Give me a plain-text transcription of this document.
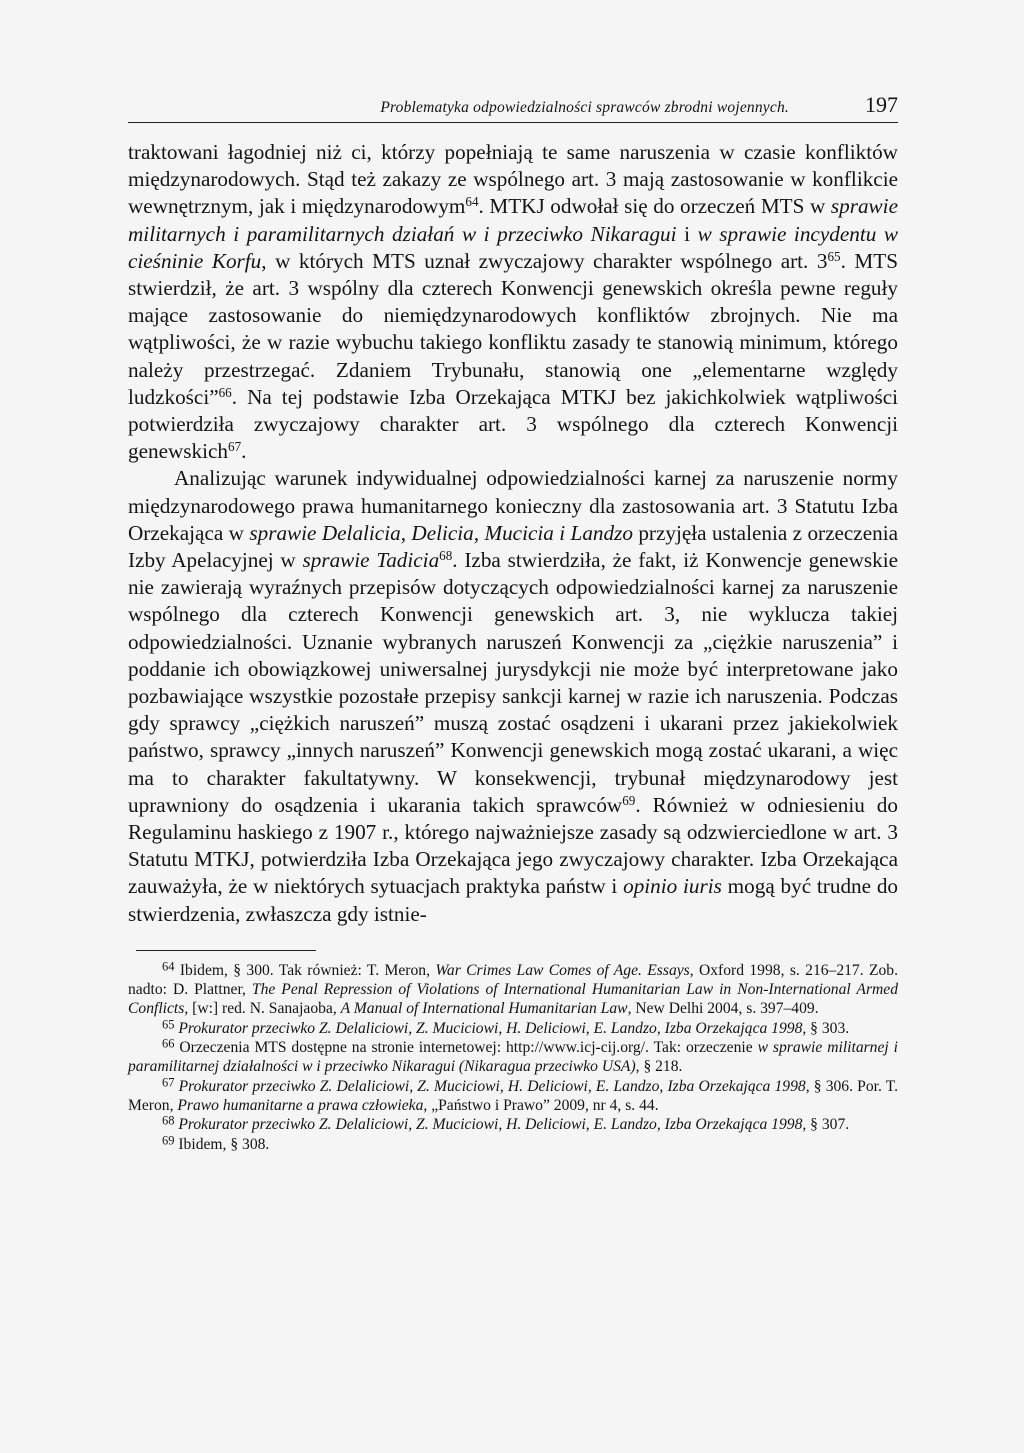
Problematyka odpowiedzialności sprawców zbrodni wojennych.	197

traktowani łagodniej niż ci, którzy popełniają te same naruszenia w czasie konfliktów międzynarodowych. Stąd też zakazy ze wspólnego art. 3 mają zastosowanie w konflikcie wewnętrznym, jak i międzynarodowym$^{64}$. MTKJ odwołał się do orzeczeń MTS w sprawie militarnych i paramilitarnych działań w i przeciwko Nikaragui i w sprawie incydentu w cieśninie Korfu, w których MTS uznał zwyczajowy charakter wspólnego art. $3^{65}$. MTS stwierdził, że art. 3 wspólny dla czterech Konwencji genewskich określa pewne reguły mające zastosowanie do niemiędzynarodowych konfliktów zbrojnych. Nie ma wątpliwości, że w razie wybuchu takiego konfliktu zasady te stanowią minimum, którego należy przestrzegać. Zdaniem Trybunału, stanowią one „elementarne względy ludzkości”$^{66}$. Na tej podstawie Izba Orzekająca MTKJ bez jakichkolwiek wątpliwości potwierdziła zwyczajowy charakter art. 3 wspólnego dla czterech Konwencji genewskich$^{67}$.

Analizując warunek indywidualnej odpowiedzialności karnej za naruszenie normy międzynarodowego prawa humanitarnego konieczny dla zastosowania art. 3 Statutu Izba Orzekająca w sprawie Delalicia, Delicia, Mucicia i Landzo przyjęła ustalenia z orzeczenia Izby Apelacyjnej w sprawie Tadicia$^{68}$. Izba stwierdziła, że fakt, iż Konwencje genewskie nie zawierają wyraźnych przepisów dotyczących odpowiedzialności karnej za naruszenie wspólnego dla czterech Konwencji genewskich art. 3, nie wyklucza takiej odpowiedzialności. Uznanie wybranych naruszeń Konwencji za „ciężkie naruszenia” i poddanie ich obowiązkowej uniwersalnej jurysdykcji nie może być interpretowane jako pozbawiające wszystkie pozostałe przepisy sankcji karnej w razie ich naruszenia. Podczas gdy sprawcy „ciężkich naruszeń” muszą zostać osądzeni i ukarani przez jakiekolwiek państwo, sprawcy „innych naruszeń” Konwencji genewskich mogą zostać ukarani, a więc ma to charakter fakultatywny. W konsekwencji, trybunał międzynarodowy jest uprawniony do osądzenia i ukarania takich sprawców$^{69}$. Również w odniesieniu do Regulaminu haskiego z 1907 r., którego najważniejsze zasady są odzwierciedlone w art. 3 Statutu MTKJ, potwierdziła Izba Orzekająca jego zwyczajowy charakter. Izba Orzekająca zauważyła, że w niektórych sytuacjach praktyka państw i opinio iuris mogą być trudne do stwierdzenia, zwłaszcza gdy istnie-

$^{64}$ Ibidem, § 300. Tak również: T. Meron, War Crimes Law Comes of Age. Essays, Oxford 1998, s. 216–217. Zob. nadto: D. Plattner, The Penal Repression of Violations of International Humanitarian Law in Non-International Armed Conflicts, [w:] red. N. Sanajaoba, A Manual of International Humanitarian Law, New Delhi 2004, s. 397–409.

$^{65}$ Prokurator przeciwko Z. Delaliciowi, Z. Muciciowi, H. Deliciowi, E. Landzo, Izba Orzekająca 1998, § 303.

$^{66}$ Orzeczenia MTS dostępne na stronie internetowej: http://www.icj-cij.org/. Tak: orzeczenie w sprawie militarnej i paramilitarnej działalności w i przeciwko Nikaragui (Nikaragua przeciwko USA), § 218.

$^{67}$ Prokurator przeciwko Z. Delaliciowi, Z. Muciciowi, H. Deliciowi, E. Landzo, Izba Orzekająca 1998, § 306. Por. T. Meron, Prawo humanitarne a prawa człowieka, „Państwo i Prawo” 2009, nr 4, s. 44.

$^{68}$ Prokurator przeciwko Z. Delaliciowi, Z. Muciciowi, H. Deliciowi, E. Landzo, Izba Orzekająca 1998, § 307.

$^{69}$ Ibidem, § 308.
